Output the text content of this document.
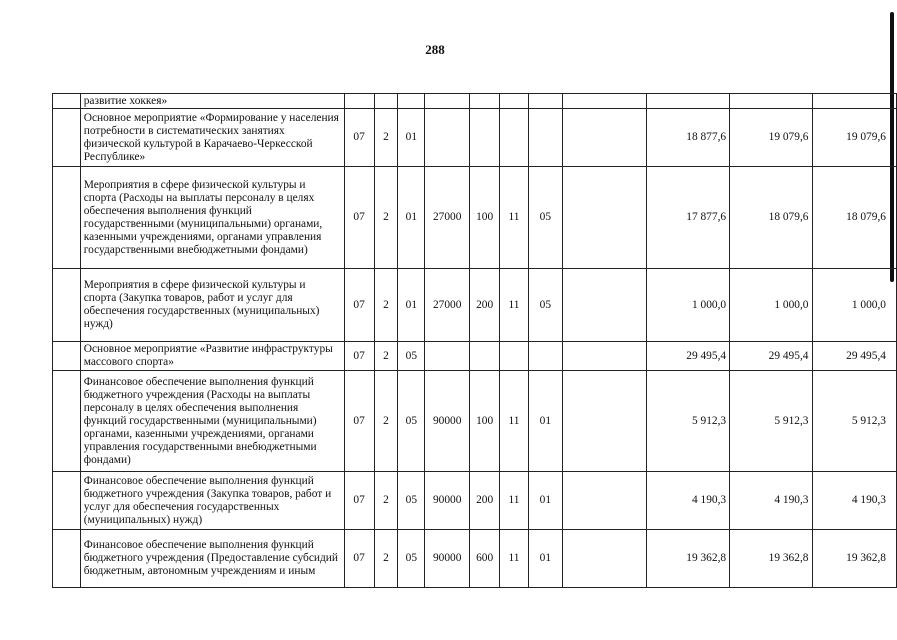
288
	развитие хоккея»											
	Основное мероприятие «Формирование у населения потребности в систематических занятиях физической культурой в Карачаево-Черкесской Республике»	07	2	01						18 877,6	19 079,6	19 079,6
	Мероприятия в сфере физической культуры и спорта (Расходы на выплаты персоналу в целях обеспечения выполнения функций государственными (муниципальными) органами, казенными учреждениями, органами управления государственными внебюджетными фондами)	07	2	01	27000	100	11	05		17 877,6	18 079,6	18 079,6
	Мероприятия в сфере физической культуры и спорта (Закупка товаров, работ и услуг для обеспечения государственных (муниципальных) нужд)	07	2	01	27000	200	11	05		1 000,0	1 000,0	1 000,0
	Основное мероприятие «Развитие инфраструктуры массового спорта»	07	2	05						29 495,4	29 495,4	29 495,4
	Финансовое обеспечение выполнения функций бюджетного учреждения (Расходы на выплаты персоналу в целях обеспечения выполнения функций государственными (муниципальными) органами, казенными учреждениями, органами управления государственными внебюджетными фондами)	07	2	05	90000	100	11	01		5 912,3	5 912,3	5 912,3
	Финансовое обеспечение выполнения функций бюджетного учреждения (Закупка товаров, работ и услуг для обеспечения государственных (муниципальных) нужд)	07	2	05	90000	200	11	01		4 190,3	4 190,3	4 190,3
	Финансовое обеспечение выполнения функций бюджетного учреждения (Предоставление субсидий бюджетным, автономным учреждениям и иным	07	2	05	90000	600	11	01		19 362,8	19 362,8	19 362,8
